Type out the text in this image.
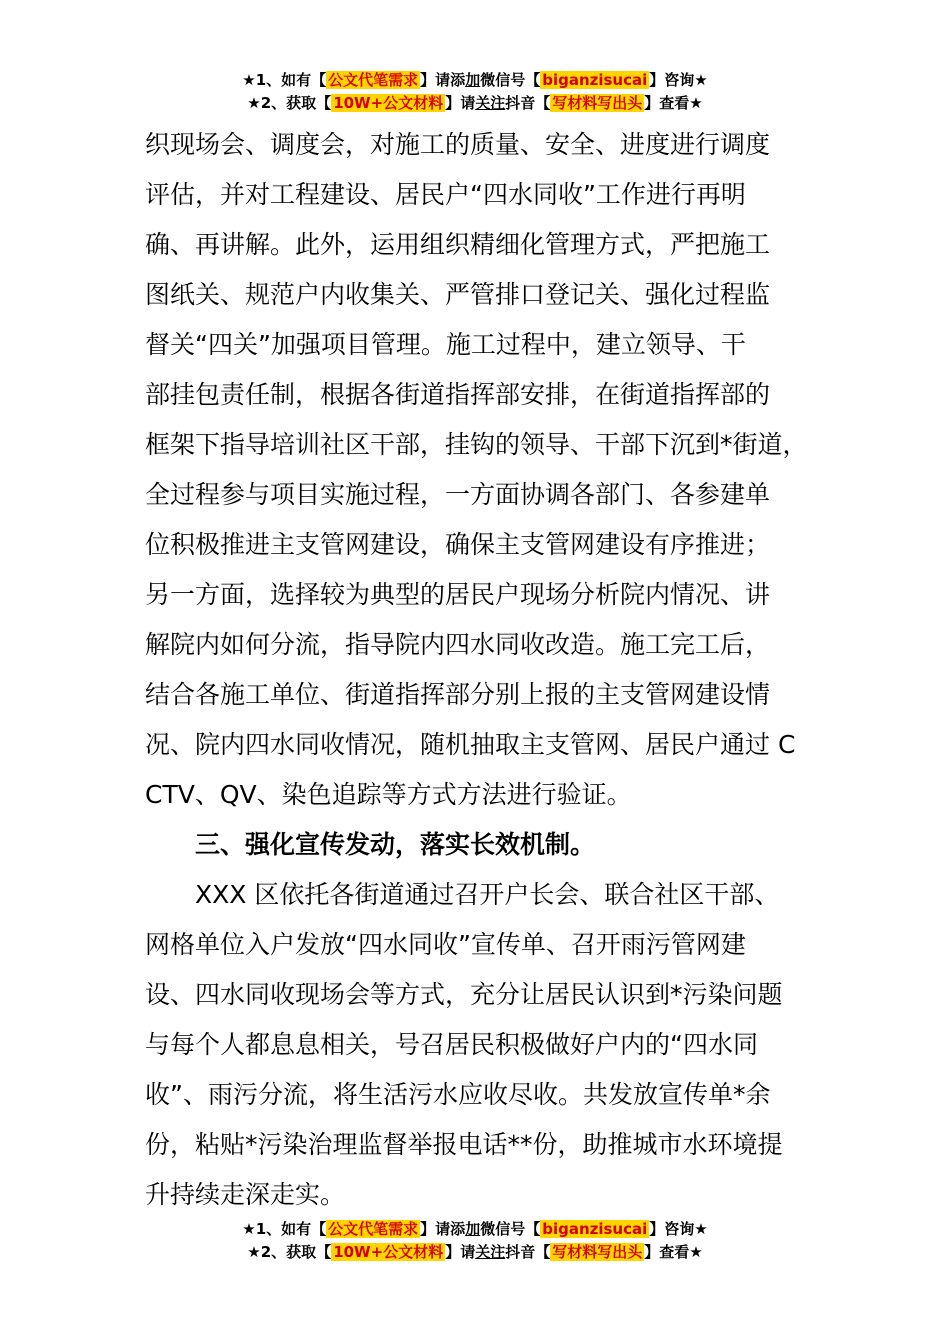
★1、如有【 公文代笔需求 】请添加微信号【 biganzisucai 】咨询★
★2、获取【 10W+公文材料 】请关注抖音【 写材料写出头 】查看★
织现场会、调度会，对施工的质量、安全、进度进行调度
评估，并对工程建设、居民户“四水同收”工作进行再明
确、再讲解。此外，运用组织精细化管理方式，严把施工
图纸关、规范户内收集关、严管排口登记关、强化过程监
督关“四关”加强项目管理。施工过程中，建立领导、干
部挂包责任制，根据各街道指挥部安排，在街道指挥部的
框架下指导培训社区干部，挂钩的领导、干部下沉到*街道，
全过程参与项目实施过程，一方面协调各部门、各参建单
位积极推进主支管网建设，确保主支管网建设有序推进；
另一方面，选择较为典型的居民户现场分析院内情况、讲
解院内如何分流，指导院内四水同收改造。施工完工后，
结合各施工单位、街道指挥部分别上报的主支管网建设情
况、院内四水同收情况，随机抽取主支管网、居民户通过 C
CTV、QV、染色追踪等方式方法进行验证。
三、强化宣传发动，落实长效机制。
XXX 区依托各街道通过召开户长会、联合社区干部、
网格单位入户发放“四水同收”宣传单、召开雨污管网建
设、四水同收现场会等方式，充分让居民认识到*污染问题
与每个人都息息相关，号召居民积极做好户内的“四水同
收”、雨污分流，将生活污水应收尽收。共发放宣传单*余
份，粘贴*污染治理监督举报电话**份，助推城市水环境提
升持续走深走实。
★1、如有【 公文代笔需求 】请添加微信号【 biganzisucai 】咨询★
★2、获取【 10W+公文材料 】请关注抖音【 写材料写出头 】查看★
